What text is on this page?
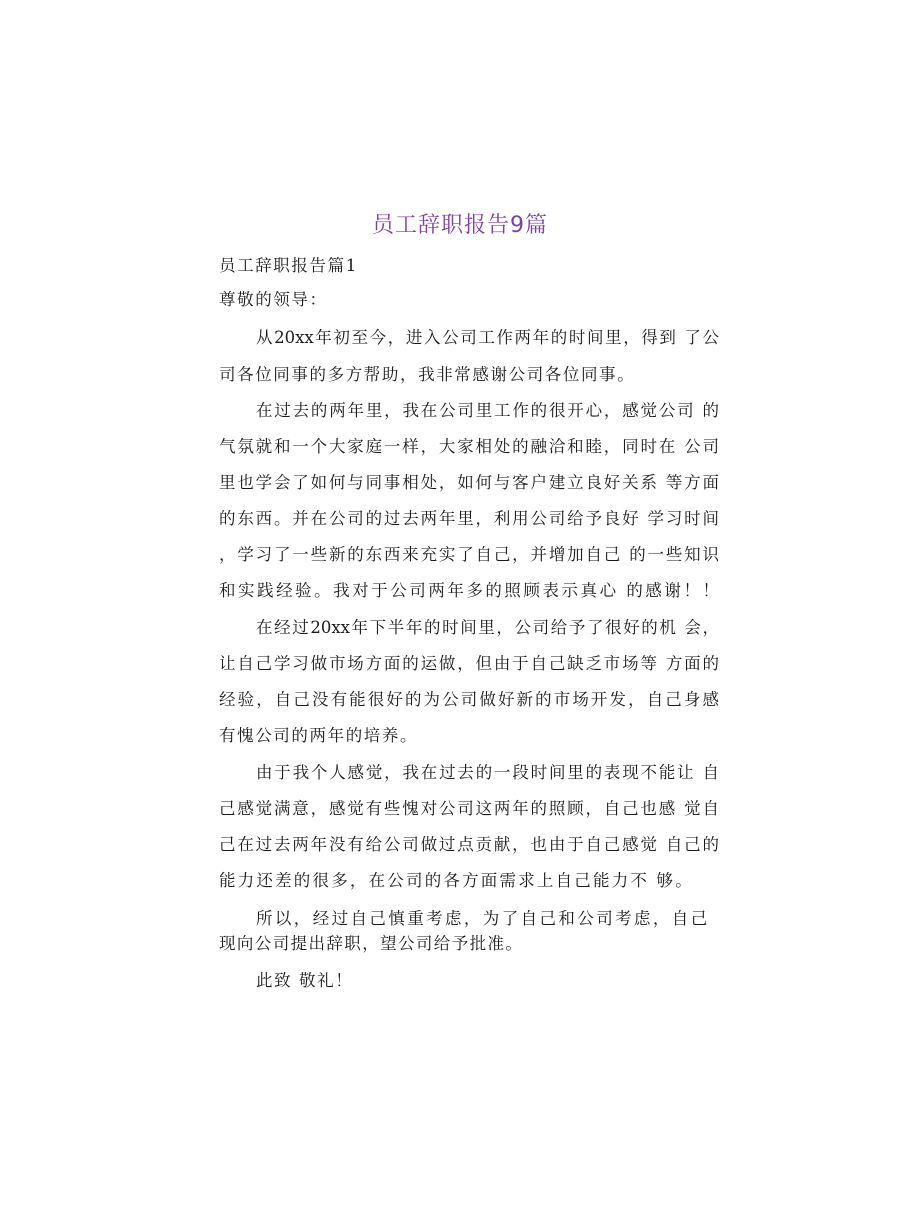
员工辞职报告9篇
员工辞职报告篇1
尊敬的领导：
从20xx年初至今，进入公司工作两年的时间里，得到 了公
司各位同事的多方帮助，我非常感谢公司各位同事。
在过去的两年里，我在公司里工作的很开心，感觉公司 的
气氛就和一个大家庭一样，大家相处的融洽和睦，同时在 公司
里也学会了如何与同事相处，如何与客户建立良好关系 等方面
的东西。并在公司的过去两年里，利用公司给予良好 学习时间
，学习了一些新的东西来充实了自己，并增加自己 的一些知识
和实践经验。我对于公司两年多的照顾表示真心 的感谢！！
在经过20xx年下半年的时间里，公司给予了很好的机 会，
让自己学习做市场方面的运做，但由于自己缺乏市场等 方面的
经验，自己没有能很好的为公司做好新的市场开发，自己身感
有愧公司的两年的培养。
由于我个人感觉，我在过去的一段时间里的表现不能让 自
己感觉满意，感觉有些愧对公司这两年的照顾，自己也感 觉自
己在过去两年没有给公司做过点贡献，也由于自己感觉 自己的
能力还差的很多，在公司的各方面需求上自己能力不 够。
所以，经过自己慎重考虑，为了自己和公司考虑，自己
现向公司提出辞职，望公司给予批准。
此致 敬礼！
